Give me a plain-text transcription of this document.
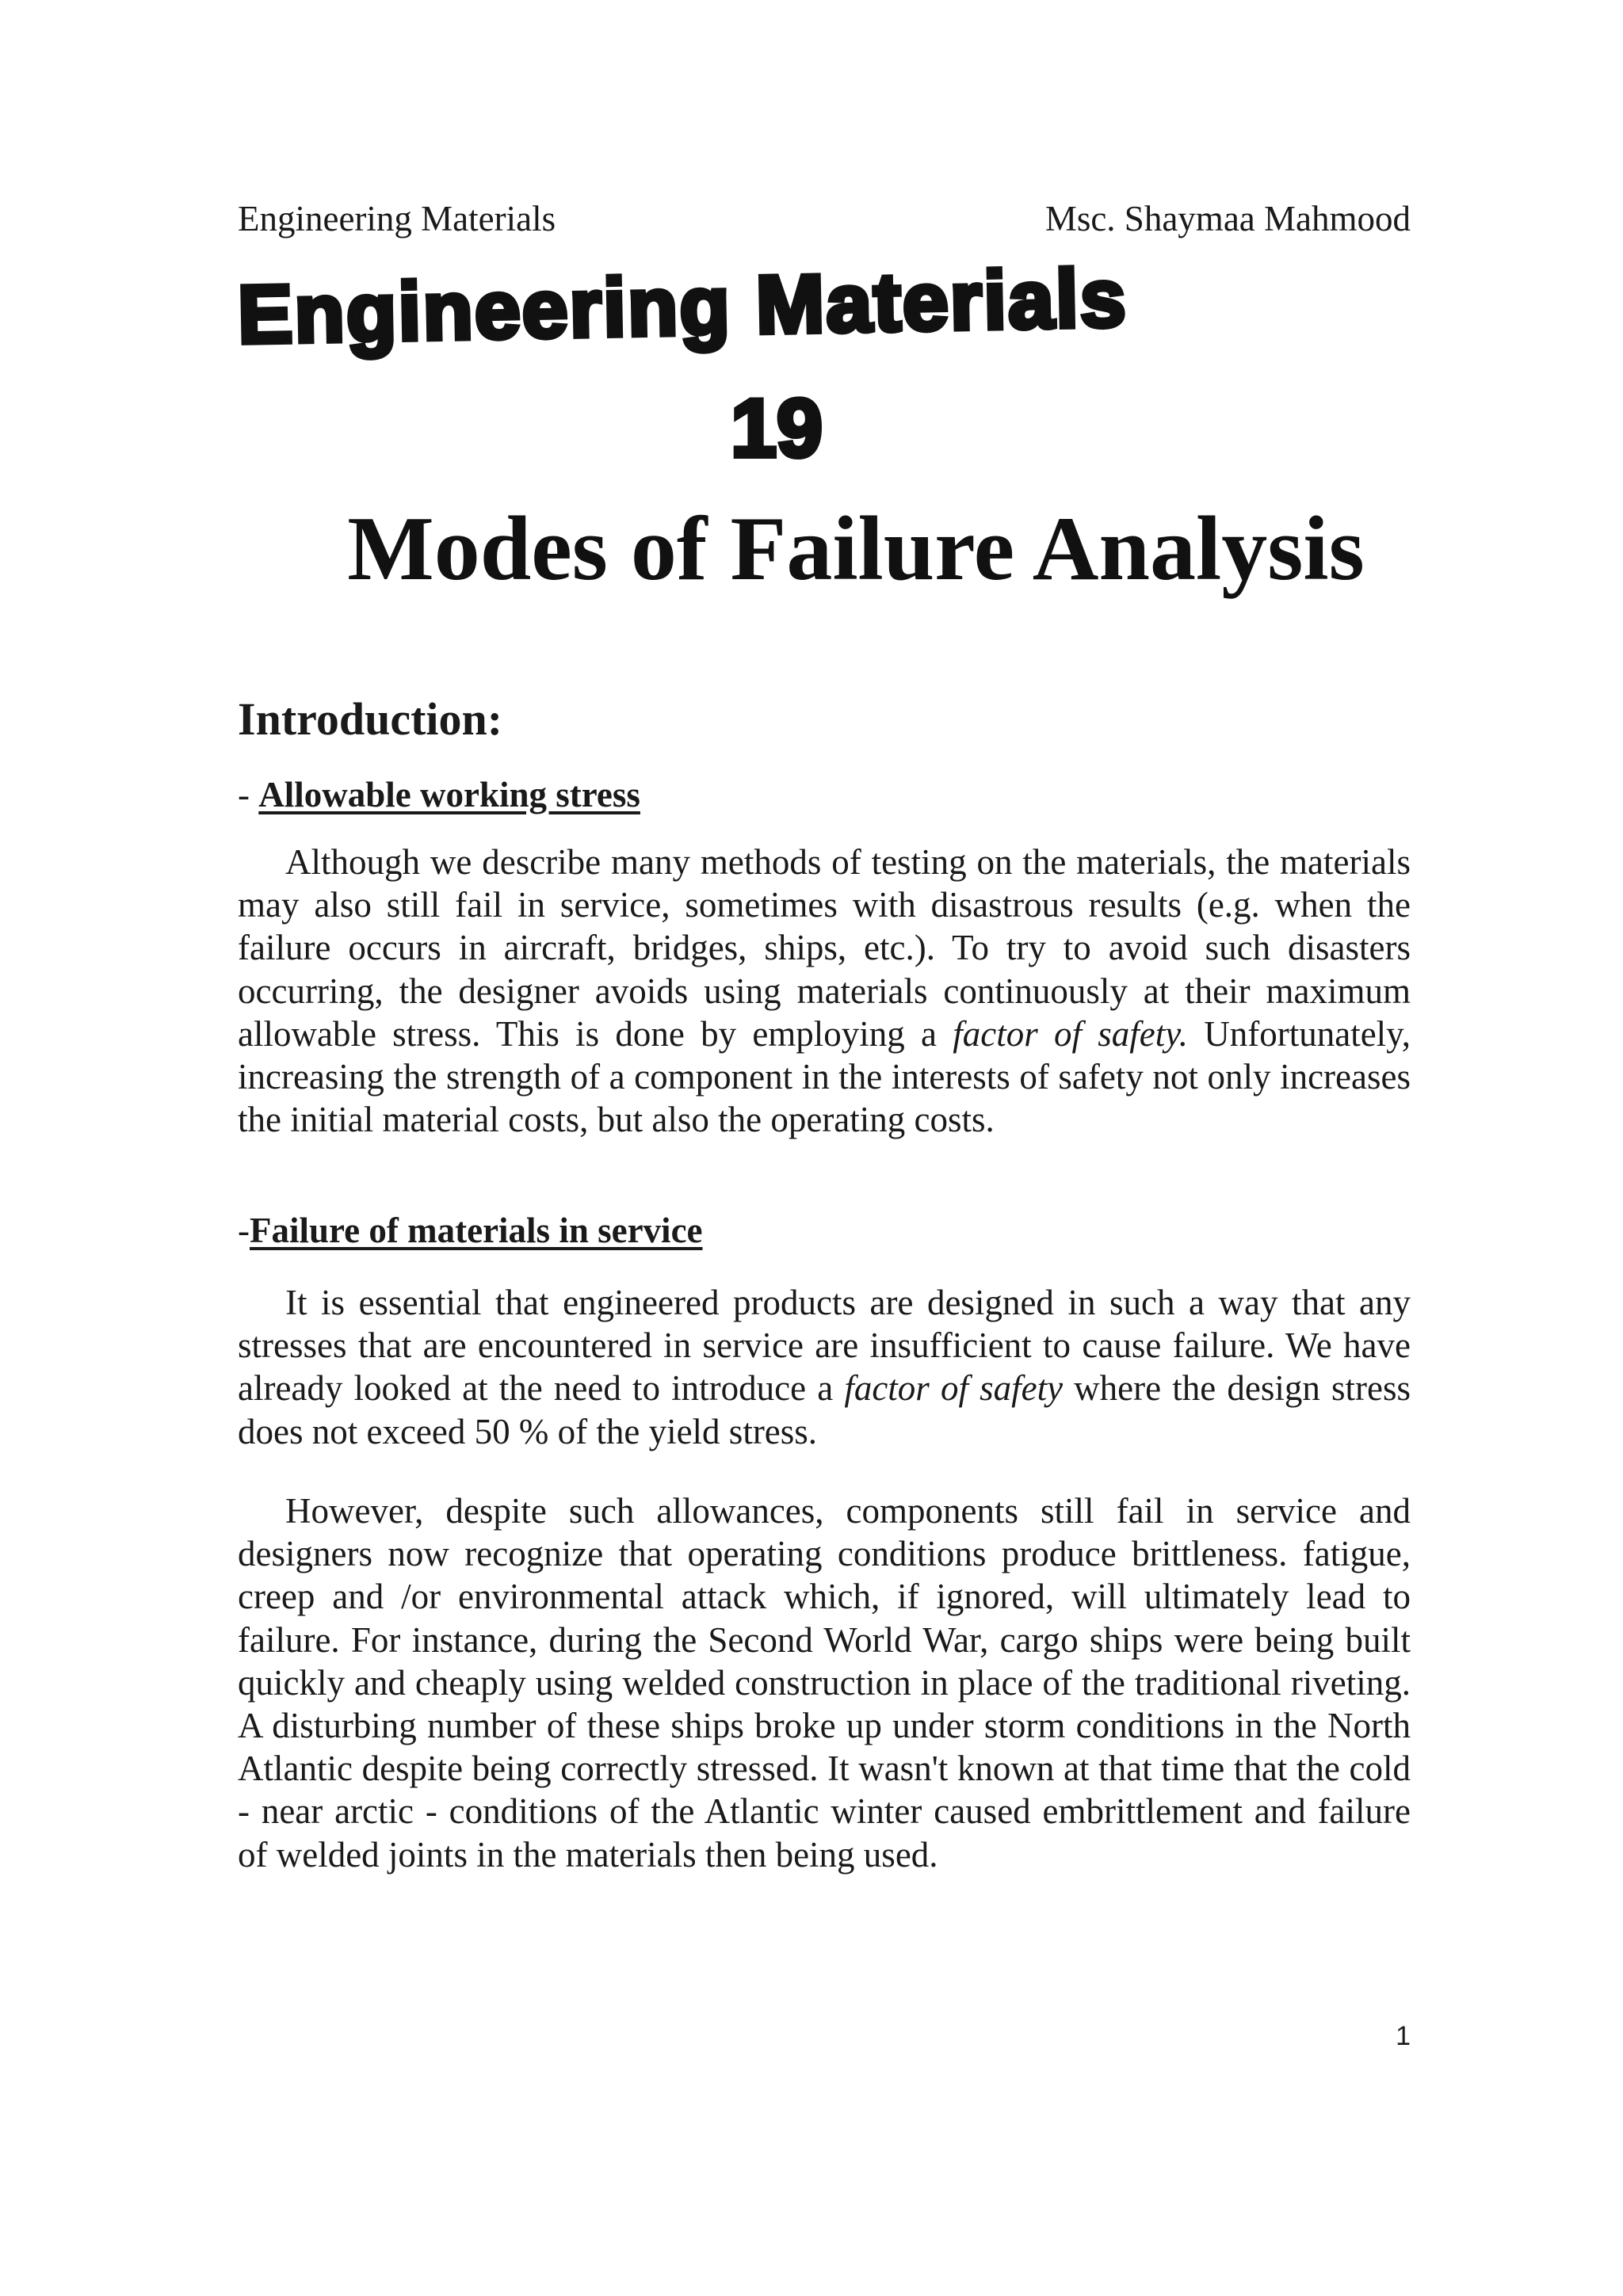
Engineering Materials	Msc. Shaymaa Mahmood
Engineering Materials
19
Modes of Failure Analysis
Introduction:
- Allowable working stress

Although we describe many methods of testing on the materials, the materials may also still fail in service, sometimes with disastrous results (e.g. when the failure occurs in aircraft, bridges, ships, etc.). To try to avoid such disasters occurring, the designer avoids using materials continuously at their maximum allowable stress. This is done by employing a factor of safety. Unfortunately, increasing the strength of a component in the interests of safety not only increases the initial material costs, but also the operating costs.

-Failure of materials in service

It is essential that engineered products are designed in such a way that any stresses that are encountered in service are insufficient to cause failure. We have already looked at the need to introduce a factor of safety where the design stress does not exceed 50 % of the yield stress.

However, despite such allowances, components still fail in service and designers now recognize that operating conditions produce brittleness. fatigue, creep and /or environmental attack which, if ignored, will ultimately lead to failure. For instance, during the Second World War, cargo ships were being built quickly and cheaply using welded construction in place of the traditional riveting. A disturbing number of these ships broke up under storm conditions in the North Atlantic despite being correctly stressed. It wasn't known at that time that the cold - near arctic - conditions of the Atlantic winter caused embrittlement and failure of welded joints in the materials then being used.

1
